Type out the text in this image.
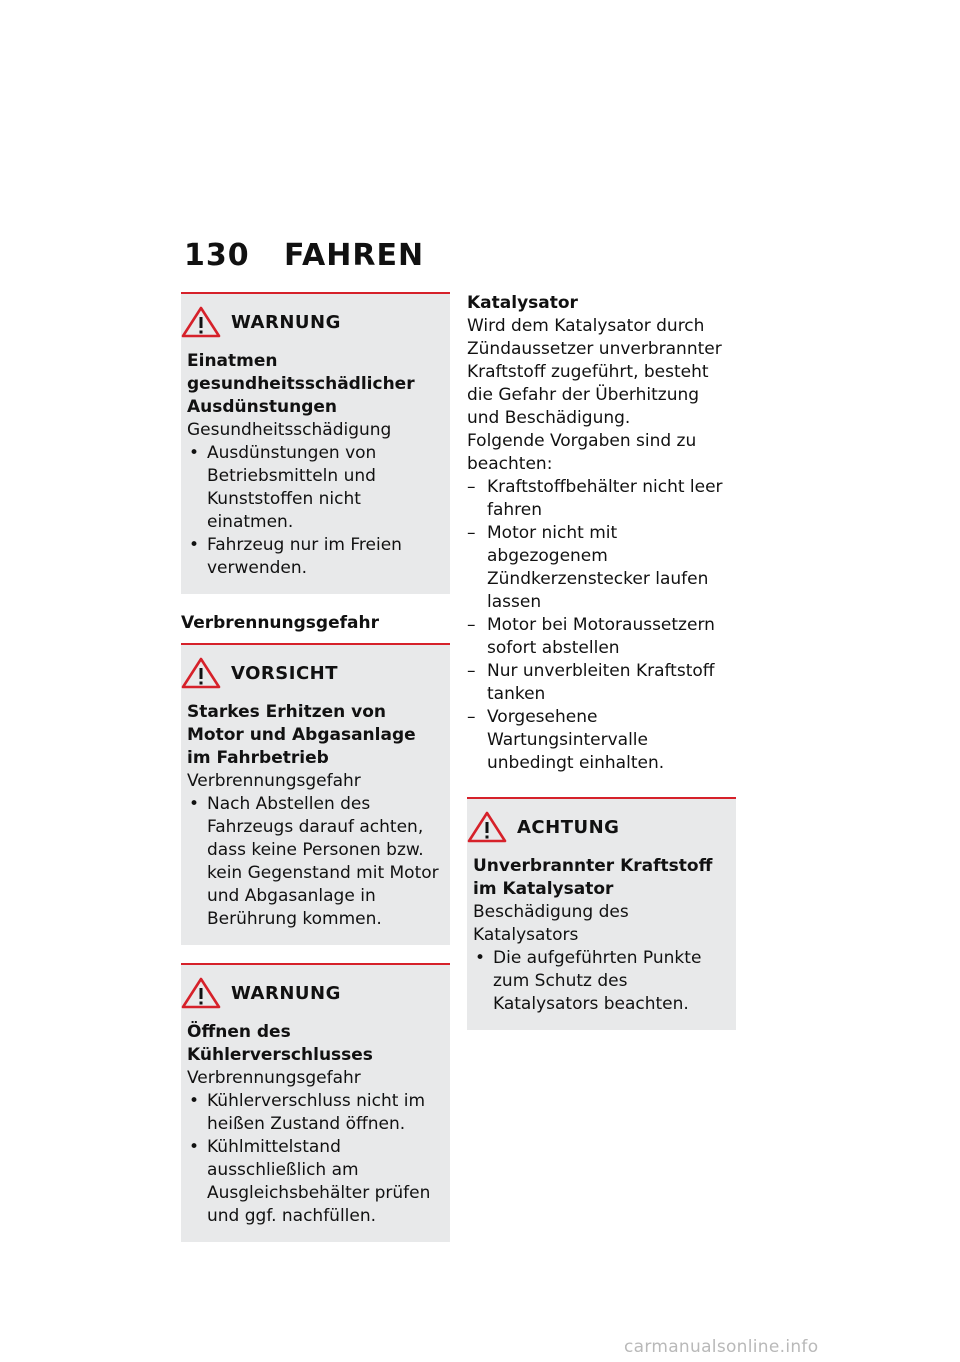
130	FAHREN
WARNUNG
Einatmen gesundheitsschädlicher Ausdünstungen
Gesundheitsschädigung
• Ausdünstungen von Betriebsmitteln und Kunststoffen nicht einatmen.
• Fahrzeug nur im Freien verwenden.
Verbrennungsgefahr
VORSICHT
Starkes Erhitzen von Motor und Abgasanlage im Fahrbetrieb
Verbrennungsgefahr
• Nach Abstellen des Fahrzeugs darauf achten, dass keine Personen bzw. kein Gegenstand mit Motor und Abgasanlage in Berührung kommen.
WARNUNG
Öffnen des Kühlerverschlusses
Verbrennungsgefahr
• Kühlerverschluss nicht im heißen Zustand öffnen.
• Kühlmittelstand ausschließlich am Ausgleichsbehälter prüfen und ggf. nachfüllen.
Katalysator

Wird dem Katalysator durch Zündaussetzer unverbrannter Kraftstoff zugeführt, besteht die Gefahr der Überhitzung und Beschädigung.

Folgende Vorgaben sind zu beachten:

– Kraftstoffbehälter nicht leer fahren
– Motor nicht mit abgezogenem Zündkerzenstecker laufen lassen
– Motor bei Motoraussetzern sofort abstellen
– Nur unverbleiten Kraftstoff tanken
– Vorgesehene Wartungsintervalle unbedingt einhalten.
ACHTUNG
Unverbrannter Kraftstoff im Katalysator
Beschädigung des Katalysators
• Die aufgeführten Punkte zum Schutz des Katalysators beachten.
carmanualsonline.info
